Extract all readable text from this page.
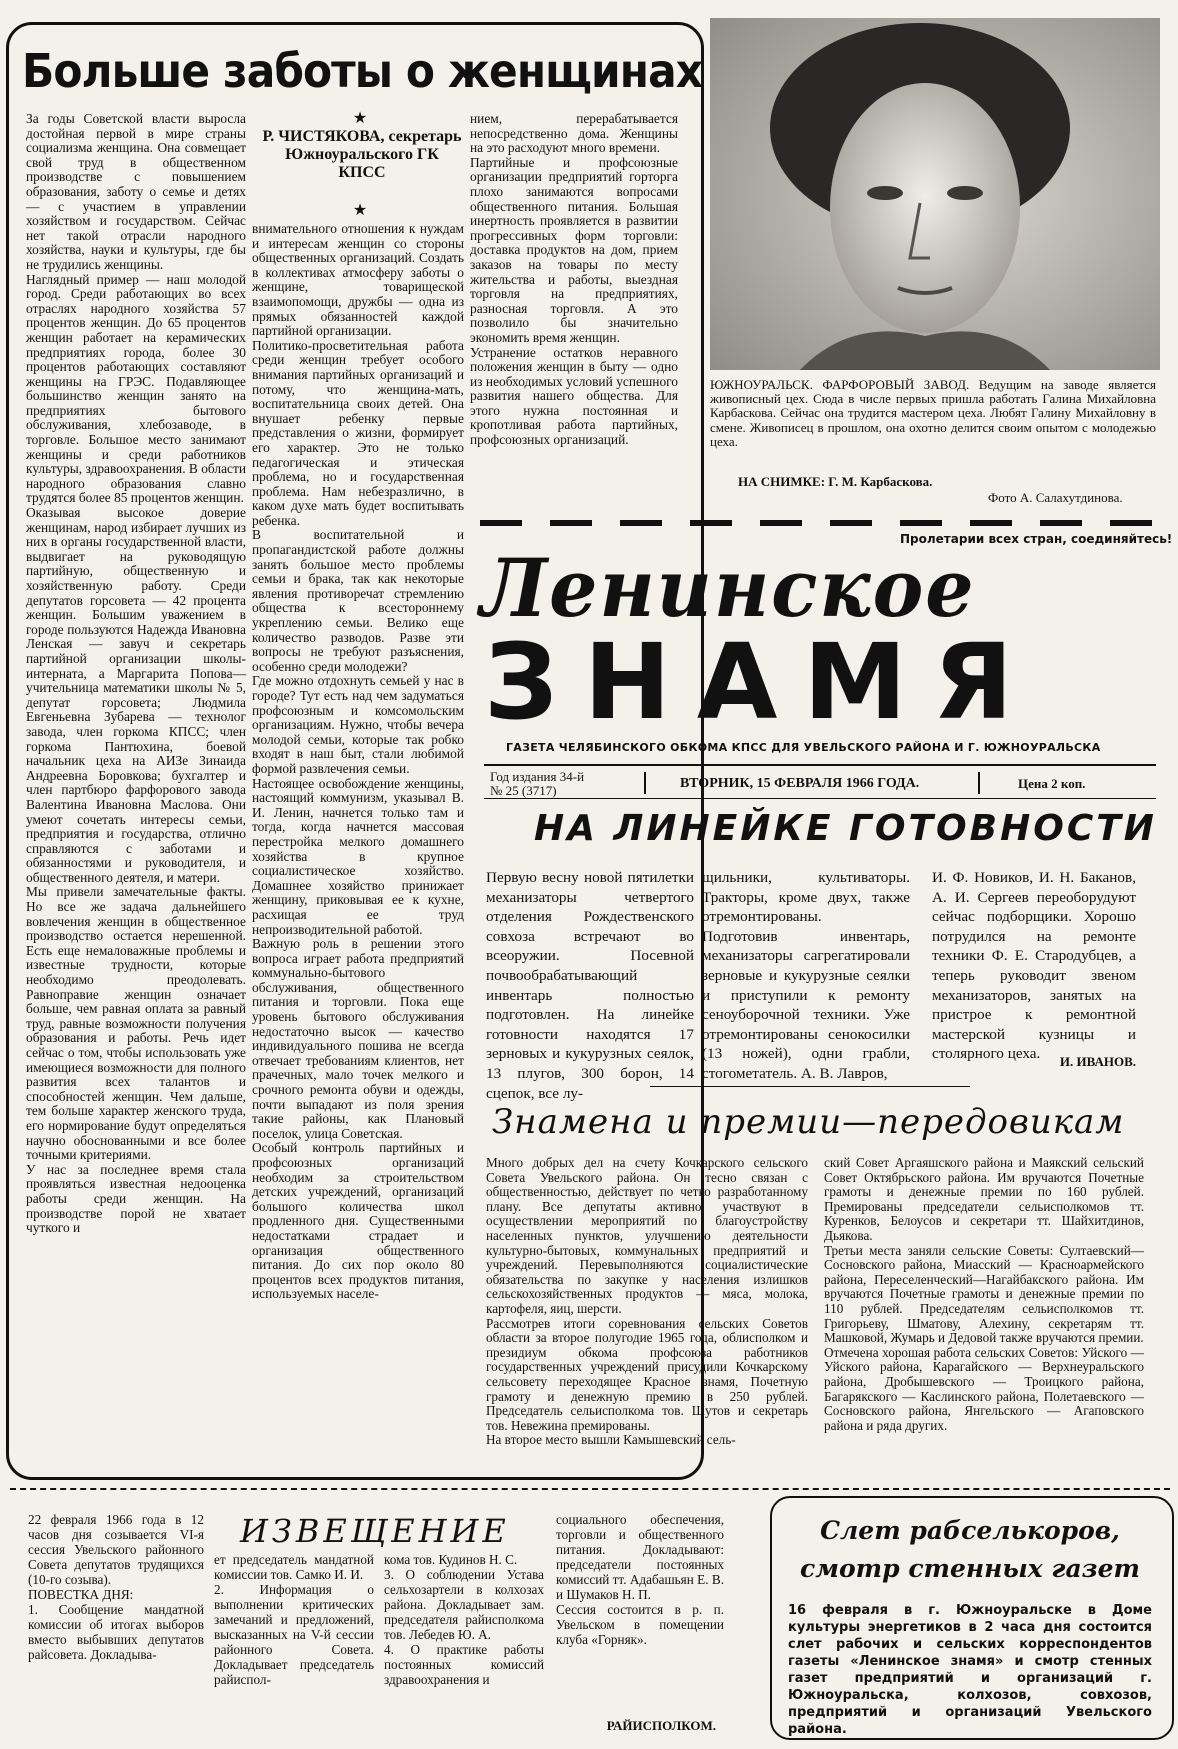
Больше заботы о женщинах
За годы Советской власти выросла достойная первой в мире страны социализма женщина. Она совмещает свой труд в общественном производстве с повышением образования, заботу о семье и детях — с участием в управлении хозяйством и государством. Сейчас нет такой отрасли народного хозяйства, науки и культуры, где бы не трудились женщины.
Наглядный пример — наш молодой город. Среди работающих во всех отраслях народного хозяйства 57 процентов женщин. До 65 процентов женщин работает на керамических предприятиях города, более 30 процентов работающих составляют женщины на ГРЭС. Подавляющее большинство женщин занято на предприятиях бытового обслуживания, хлебозаводе, в торговле. Большое место занимают женщины и среди работников культуры, здравоохранения. В области народного образования славно трудятся более 85 процентов женщин.
Оказывая высокое доверие женщинам, народ избирает лучших из них в органы государственной власти, выдвигает на руководящую партийную, общественную и хозяйственную работу. Среди депутатов горсовета — 42 процента женщин. Большим уважением в городе пользуются Надежда Ивановна Ленская — завуч и секретарь партийной организации школы-интерната, а Маргарита Попова—учительница математики школы № 5, депутат горсовета; Людмила Евгеньевна Зубарева — технолог завода, член горкома КПСС; член горкома Пантюхина, боевой начальник цеха на АИЗе Зинаида Андреевна Боровкова; бухгалтер и член партбюро фарфорового завода Валентина Ивановна Маслова. Они умеют сочетать интересы семьи, предприятия и государства, отлично справляются с заботами и обязанностями и руководителя, и общественного деятеля, и матери.
Мы привели замечательные факты. Но все же задача дальнейшего вовлечения женщин в общественное производство остается нерешенной. Есть еще немаловажные проблемы и известные трудности, которые необходимо преодолевать. Равноправие женщин означает больше, чем равная оплата за равный труд, равные возможности получения образования и работы. Речь идет сейчас о том, чтобы использовать уже имеющиеся возможности для полного развития всех талантов и способностей женщин. Чем дальше, тем больше характер женского труда, его нормирование будут определяться научно обоснованными и все более точными критериями.
У нас за последнее время стала проявляться известная недооценка работы среди женщин. На производстве порой не хватает чуткого и
★
Р. ЧИСТЯКОВА, секретарь Южноуральского ГК КПСС
★
внимательного отношения к нуждам и интересам женщин со стороны общественных организаций. Создать в коллективах атмосферу заботы о женщине, товарищеской взаимопомощи, дружбы — одна из прямых обязанностей каждой партийной организации.
Политико-просветительная работа среди женщин требует особого внимания партийных организаций и потому, что женщина-мать, воспитательница своих детей. Она внушает ребенку первые представления о жизни, формирует его характер. Это не только педагогическая и этическая проблема, но и государственная проблема. Нам небезразлично, в каком духе мать будет воспитывать ребенка.
В воспитательной и пропагандистской работе должны занять большое место проблемы семьи и брака, так как некоторые явления противоречат стремлению общества к всестороннему укреплению семьи. Велико еще количество разводов. Разве эти вопросы не требуют разъяснения, особенно среди молодежи?
Где можно отдохнуть семьей у нас в городе? Тут есть над чем задуматься профсоюзным и комсомольским организациям. Нужно, чтобы вечера молодой семьи, которые так робко входят в наш быт, стали любимой формой развлечения семьи.
Настоящее освобождение женщины, настоящий коммунизм, указывал В. И. Ленин, начнется только там и тогда, когда начнется массовая перестройка мелкого домашнего хозяйства в крупное социалистическое хозяйство. Домашнее хозяйство принижает женщину, приковывая ее к кухне, расхищая ее труд непроизводительной работой.
Важную роль в решении этого вопроса играет работа предприятий коммунально-бытового обслуживания, общественного питания и торговли. Пока еще уровень бытового обслуживания недостаточно высок — качество индивидуального пошива не всегда отвечает требованиям клиентов, нет прачечных, мало точек мелкого и срочного ремонта обуви и одежды, почти выпадают из поля зрения такие районы, как Плановый поселок, улица Советская.
Особый контроль партийных и профсоюзных организаций необходим за строительством детских учреждений, организаций большого количества школ продленного дня. Существенными недостатками страдает и организация общественного питания. До сих пор около 80 процентов всех продуктов питания, используемых населе-
нием, перерабатывается непосредственно дома. Женщины на это расходуют много времени.
Партийные и профсоюзные организации предприятий горторга плохо занимаются вопросами общественного питания. Большая инертность проявляется в развитии прогрессивных форм торговли: доставка продуктов на дом, прием заказов на товары по месту жительства и работы, выездная торговля на предприятиях, разносная торговля. А это позволило бы значительно экономить время женщин.
Устранение остатков неравного положения женщин в быту — одно из необходимых условий успешного развития нашего общества. Для этого нужна постоянная и кропотливая работа партийных, профсоюзных организаций.
ЮЖНОУРАЛЬСК. ФАРФОРОВЫЙ ЗАВОД. Ведущим на заводе является живописный цех. Сюда в числе первых пришла работать Галина Михайловна Карбаскова. Сейчас она трудится мастером цеха. Любят Галину Михайловну в смене. Живописец в прошлом, она охотно делится своим опытом с молодежью цеха.
НА СНИМКЕ: Г. М. Карбаскова.
Фото А. Салахутдинова.
Пролетарии всех стран, соединяйтесь!
Ленинское
ЗНАМЯ
ГАЗЕТА ЧЕЛЯБИНСКОГО ОБКОМА КПСС ДЛЯ УВЕЛЬСКОГО РАЙОНА И Г. ЮЖНОУРАЛЬСКА
Год издания 34-й
№ 25 (3717)	ВТОРНИК, 15 ФЕВРАЛЯ 1966 ГОДА.	Цена 2 коп.
НА ЛИНЕЙКЕ ГОТОВНОСТИ
Первую весну новой пятилетки механизаторы четвертого отделения Рождественского совхоза встречают во всеоружии. Посевной почвообрабатывающий инвентарь полностью подготовлен. На линейке готовности находятся 17 зерновых и кукурузных сеялок, 13 плугов, 300 борон, 14 сцепок, все лу-
щильники, культиваторы. Тракторы, кроме двух, также отремонтированы.
Подготовив инвентарь, механизаторы сагрегатировали зерновые и кукурузные сеялки и приступили к ремонту сеноуборочной техники. Уже отремонтированы сенокосилки (13 ножей), одни грабли, стогометатель. А. В. Лавров,
И. Ф. Новиков, И. Н. Баканов, А. И. Сергеев переоборудуют сейчас подборщики. Хорошо потрудился на ремонте техники Ф. Е. Стародубцев, а теперь руководит звеном механизаторов, занятых на пристрое к ремонтной мастерской кузницы и столярного цеха.	И. ИВАНОВ.
Знамена и премии—передовикам
Много добрых дел на счету Кочкарского сельского Совета Увельского района. Он тесно связан с общественностью, действует по четко разработанному плану. Все депутаты активно участвуют в осуществлении мероприятий по благоустройству населенных пунктов, улучшению деятельности культурно-бытовых, коммунальных предприятий и учреждений. Перевыполняются социалистические обязательства по закупке у населения излишков сельскохозяйственных продуктов — мяса, молока, картофеля, яиц, шерсти.
Рассмотрев итоги соревнования сельских Советов области за второе полугодие 1965 года, облисполком и президиум обкома профсоюза работников государственных учреждений присудили Кочкарскому сельсовету переходящее Красное знамя, Почетную грамоту и денежную премию в 250 рублей. Председатель сельисполкома тов. Шутов и секретарь тов. Невежина премированы.
На второе место вышли Камышевский сель-
ский Совет Аргаяшского района и Маякский сельский Совет Октябрьского района. Им вручаются Почетные грамоты и денежные премии по 160 рублей. Премированы председатели сельисполкомов тт. Куренков, Белоусов и секретари тт. Шайхитдинов, Дьякова.
Третьи места заняли сельские Советы: Султаевский—Сосновского района, Миасский — Красноармейского района, Переселенческий—Нагайбакского района. Им вручаются Почетные грамоты и денежные премии по 110 рублей. Председателям сельисполкомов тт. Григорьеву, Шматову, Алехину, секретарям тт. Машковой, Жумарь и Дедовой также вручаются премии.
Отмечена хорошая работа сельских Советов: Уйского — Уйского района, Карагайского — Верхнеуральского района, Дробышевского — Троицкого района, Багарякского — Каслинского района, Полетаевского — Сосновского района, Янгельского — Агаповского района и ряда других.
ИЗВЕЩЕНИЕ
22 февраля 1966 года в 12 часов дня созывается VI-я сессия Увельского районного Совета депутатов трудящихся (10-го созыва).
ПОВЕСТКА ДНЯ:
1. Сообщение мандатной комиссии об итогах выборов вместо выбывших депутатов райсовета. Докладыва-
ет председатель мандатной комиссии тов. Самко И. И.
2. Информация о выполнении критических замечаний и предложений, высказанных на V-й сессии районного Совета. Докладывает председатель райиспол-
кома тов. Кудинов Н. С.
3. О соблюдении Устава сельхозартели в колхозах района. Докладывает зам. председателя райисполкома тов. Лебедев Ю. А.
4. О практике работы постоянных комиссий здравоохранения и
социального обеспечения, торговли и общественного питания. Докладывают: председатели постоянных комиссий тт. Адабашьян Е. В. и Шумаков Н. П.
Сессия состоится в р. п. Увельском в помещении клуба «Горняк».
РАЙИСПОЛКОМ.
Слет рабселькоров, смотр стенных газет
16 февраля в г. Южноуральске в Доме культуры энергетиков в 2 часа дня состоится слет рабочих и сельских корреспондентов газеты «Ленинское знамя» и смотр стенных газет предприятий и организаций г. Южноуральска, колхозов, совхозов, предприятий и организаций Увельского района.
